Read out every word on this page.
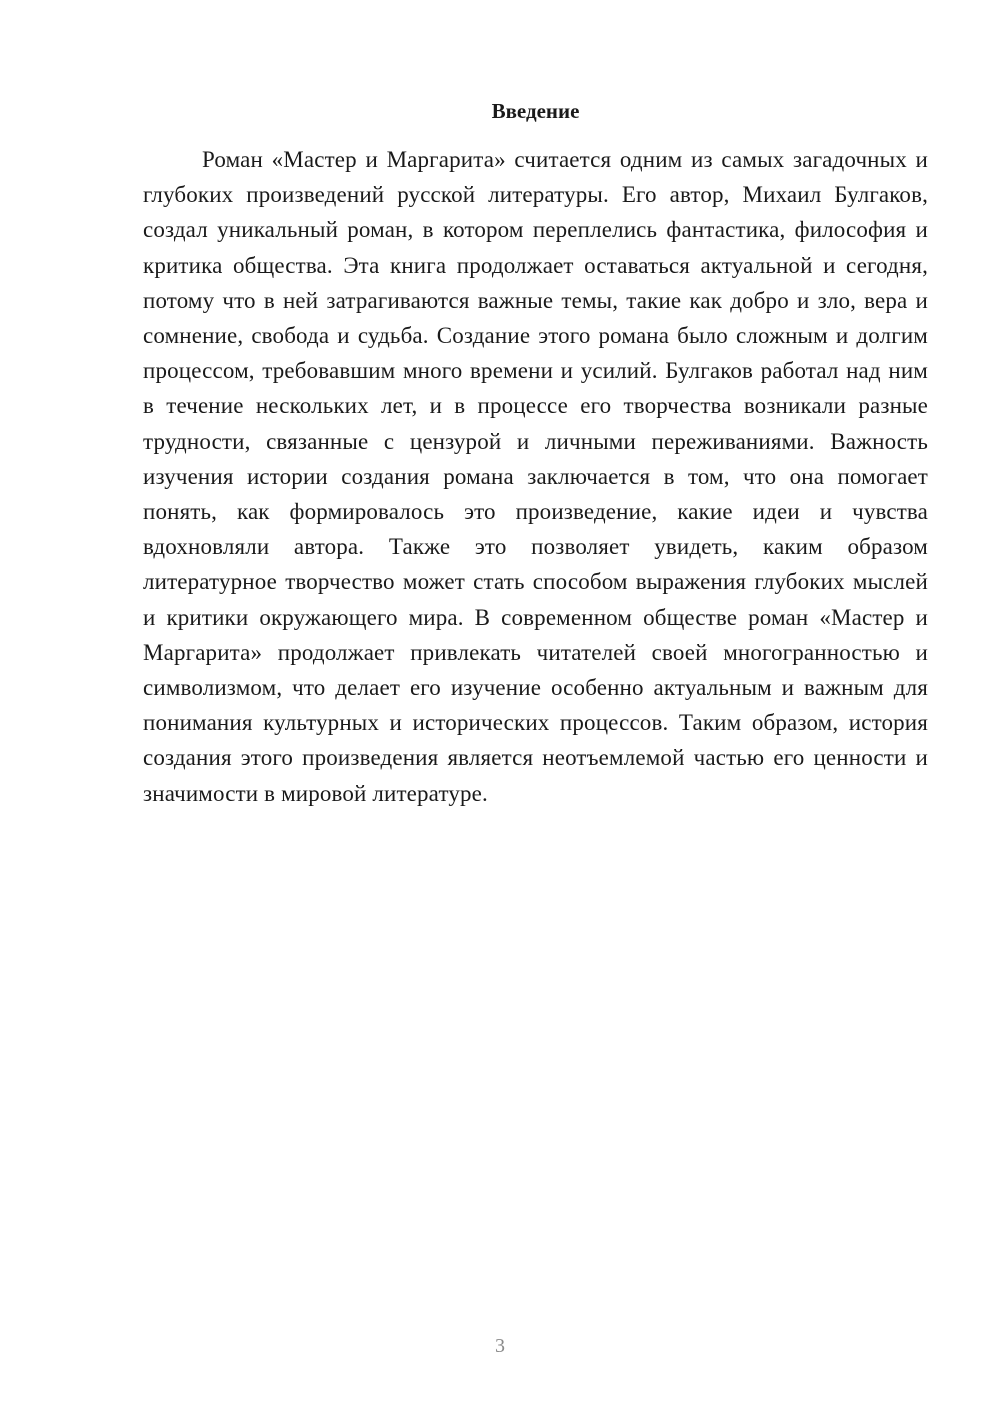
Введение

Роман «Мастер и Маргарита» считается одним из самых загадочных и глубоких произведений русской литературы. Его автор, Михаил Булгаков, создал уникальный роман, в котором переплелись фантастика, философия и критика общества. Эта книга продолжает оставаться актуальной и сегодня, потому что в ней затрагиваются важные темы, такие как добро и зло, вера и сомнение, свобода и судьба. Создание этого романа было сложным и долгим процессом, требовавшим много времени и усилий. Булгаков работал над ним в течение нескольких лет, и в процессе его творчества возникали разные трудности, связанные с цензурой и личными переживаниями. Важность изучения истории создания романа заключается в том, что она помогает понять, как формировалось это произведение, какие идеи и чувства вдохновляли автора. Также это позволяет увидеть, каким образом литературное творчество может стать способом выражения глубоких мыслей и критики окружающего мира. В современном обществе роман «Мастер и Маргарита» продолжает привлекать читателей своей многогранностью и символизмом, что делает его изучение особенно актуальным и важным для понимания культурных и исторических процессов. Таким образом, история создания этого произведения является неотъемлемой частью его ценности и значимости в мировой литературе.

3
